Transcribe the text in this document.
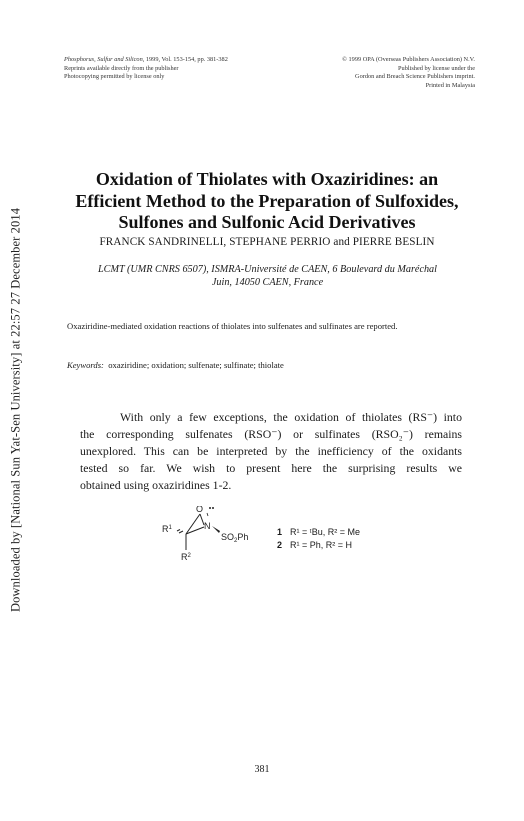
Downloaded by [National Sun Yat-Sen University] at 22:57 27 December 2014
Phosphorus, Sulfur and Silicon, 1999, Vol. 153-154, pp. 381-382
Reprints available directly from the publisher
Photocopying permitted by license only
© 1999 OPA (Overseas Publishers Association) N.V.
Published by license under the
Gordon and Breach Science Publishers imprint.
Printed in Malaysia
Oxidation of Thiolates with Oxaziridines: an
Efficient Method to the Preparation of Sulfoxides,
Sulfones and Sulfonic Acid Derivatives
FRANCK SANDRINELLI, STEPHANE PERRIO and PIERRE BESLIN
LCMT (UMR CNRS 6507), ISMRA-Université de CAEN, 6 Boulevard du Maréchal
Juin, 14050 CAEN, France
Oxaziridine-mediated oxidation reactions of thiolates into sulfenates and sulfinates are reported.
Keywords: oxaziridine; oxidation; sulfenate; sulfinate; thiolate
With only a few exceptions, the oxidation of thiolates (RS⁻) into
the corresponding sulfenates (RSO⁻) or sulfinates (RSO₂⁻) remains
unexplored. This can be interpreted by the inefficiency of the oxidants
tested so far. We wish to present here the surprising results we
obtained using oxaziridines 1-2.
$R^1$
O
N
$SO_2Ph$
$R^2$
1 R¹ = ᵗBu, R² = Me
2 R¹ = Ph, R² = H
381
